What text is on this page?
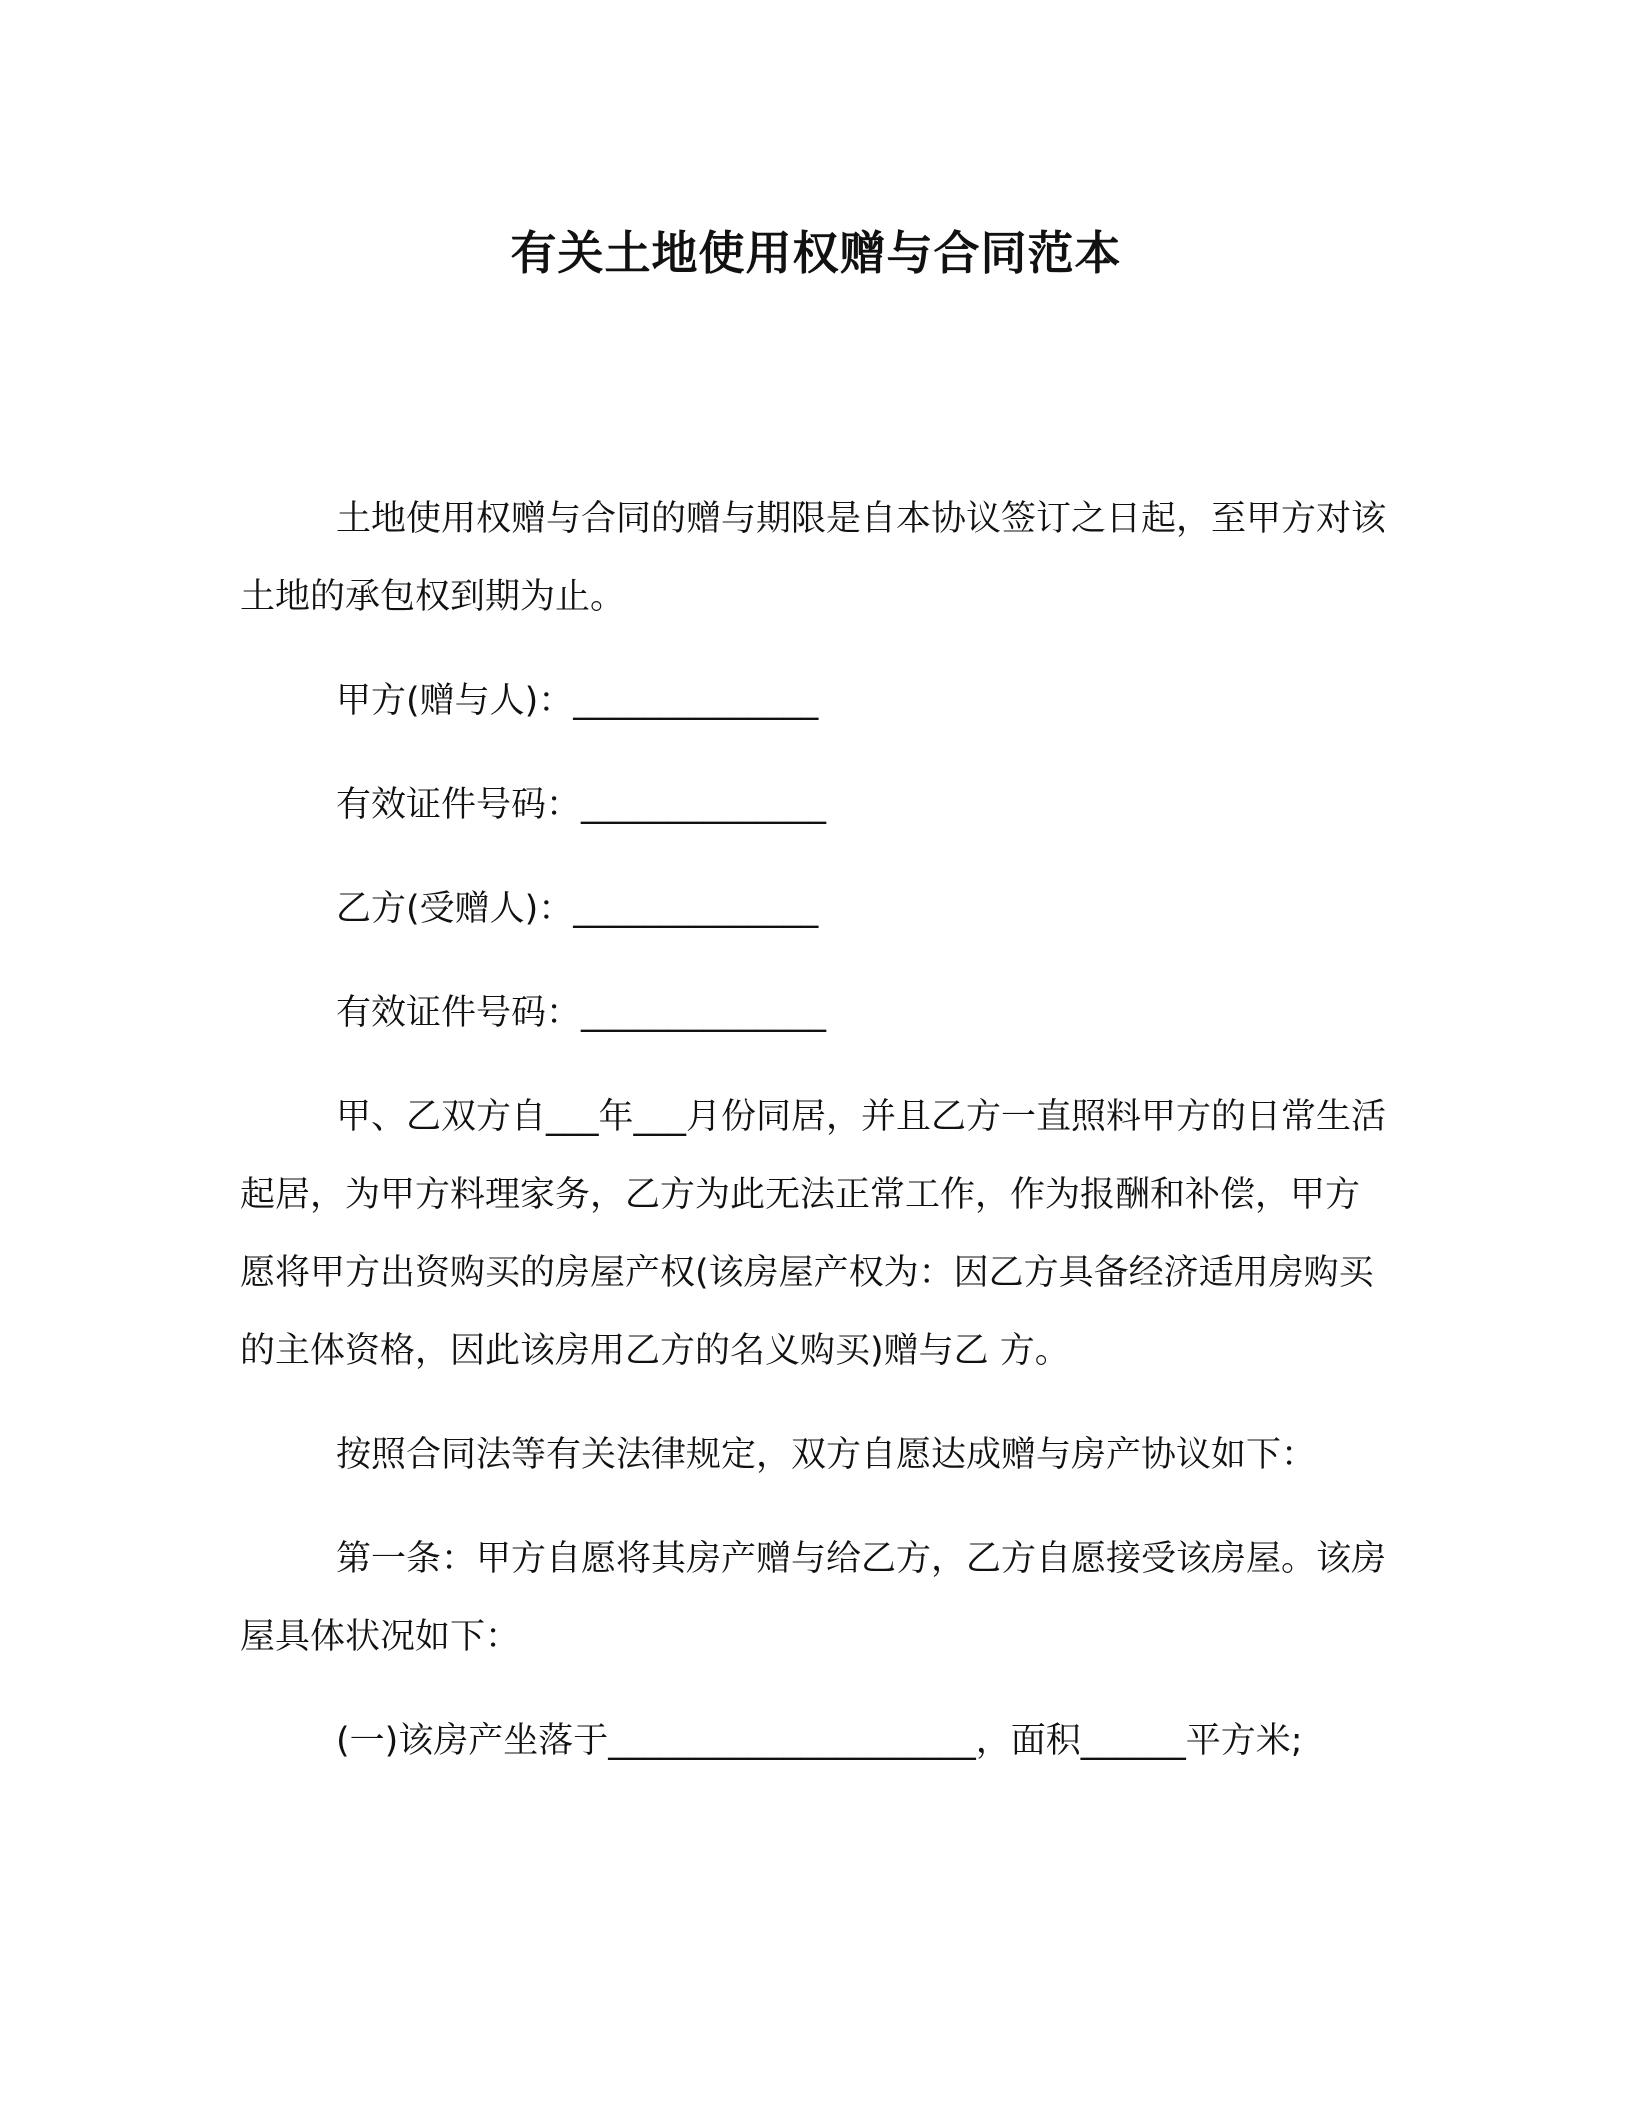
有关土地使用权赠与合同范本

土地使用权赠与合同的赠与期限是自本协议签订之日起，至甲方对该土地的承包权到期为止。

甲方(赠与人)：______________

有效证件号码：______________

乙方(受赠人)：______________

有效证件号码：______________

甲、乙双方自___年___月份同居，并且乙方一直照料甲方的日常生活起居，为甲方料理家务，乙方为此无法正常工作，作为报酬和补偿，甲方愿将甲方出资购买的房屋产权(该房屋产权为：因乙方具备经济适用房购买的主体资格，因此该房用乙方的名义购买)赠与乙 方。

按照合同法等有关法律规定，双方自愿达成赠与房产协议如下：

第一条：甲方自愿将其房产赠与给乙方，乙方自愿接受该房屋。该房屋具体状况如下：

(一)该房产坐落于_____________________，面积______平方米;
